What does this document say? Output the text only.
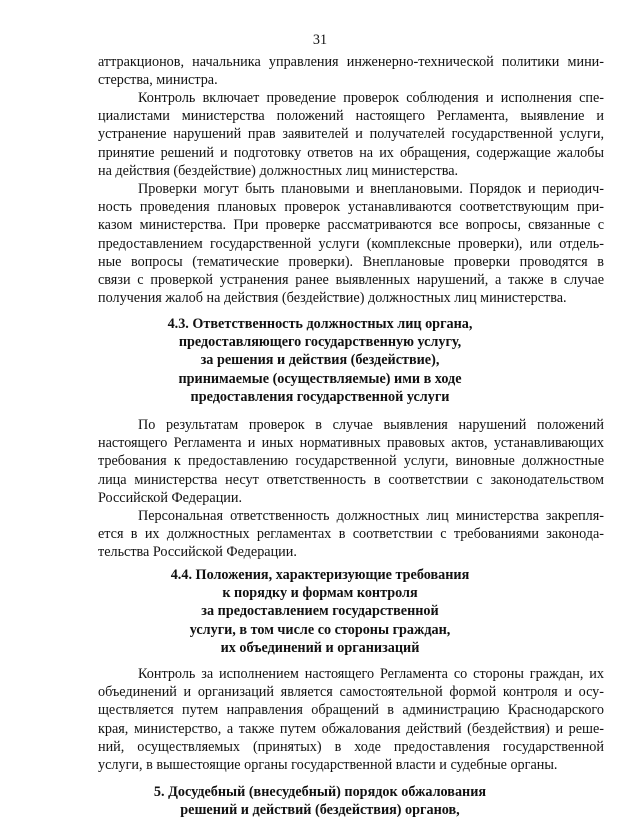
31
аттракционов, начальника управления инженерно-технической политики мини-
стерства, министра.
Контроль включает проведение проверок соблюдения и исполнения спе-
циалистами министерства положений настоящего Регламента, выявление и
устранение нарушений прав заявителей и получателей государственной услуги,
принятие решений и подготовку ответов на их обращения, содержащие жалобы
на действия (бездействие) должностных лиц министерства.
Проверки могут быть плановыми и внеплановыми. Порядок и периодич-
ность проведения плановых проверок устанавливаются соответствующим при-
казом министерства. При проверке рассматриваются все вопросы, связанные с
предоставлением государственной услуги (комплексные проверки), или отдель-
ные вопросы (тематические проверки). Внеплановые проверки проводятся в
связи с проверкой устранения ранее выявленных нарушений, а также в случае
получения жалоб на действия (бездействие) должностных лиц министерства.
4.3. Ответственность должностных лиц органа,
предоставляющего государственную услугу,
за решения и действия (бездействие),
принимаемые (осуществляемые) ими в ходе
предоставления государственной услуги
По результатам проверок в случае выявления нарушений положений
настоящего Регламента и иных нормативных правовых актов, устанавливающих
требования к предоставлению государственной услуги, виновные должностные
лица министерства несут ответственность в соответствии с законодательством
Российской Федерации.
Персональная ответственность должностных лиц министерства закрепля-
ется в их должностных регламентах в соответствии с требованиями законода-
тельства Российской Федерации.
4.4. Положения, характеризующие требования
к порядку и формам контроля
за предоставлением государственной
услуги, в том числе со стороны граждан,
их объединений и организаций
Контроль за исполнением настоящего Регламента со стороны граждан, их
объединений и организаций является самостоятельной формой контроля и осу-
ществляется путем направления обращений в администрацию Краснодарского
края, министерство, а также путем обжалования действий (бездействия) и реше-
ний, осуществляемых (принятых) в ходе предоставления государственной
услуги, в вышестоящие органы государственной власти и судебные органы.
5. Досудебный (внесудебный) порядок обжалования
решений и действий (бездействия) органов,
